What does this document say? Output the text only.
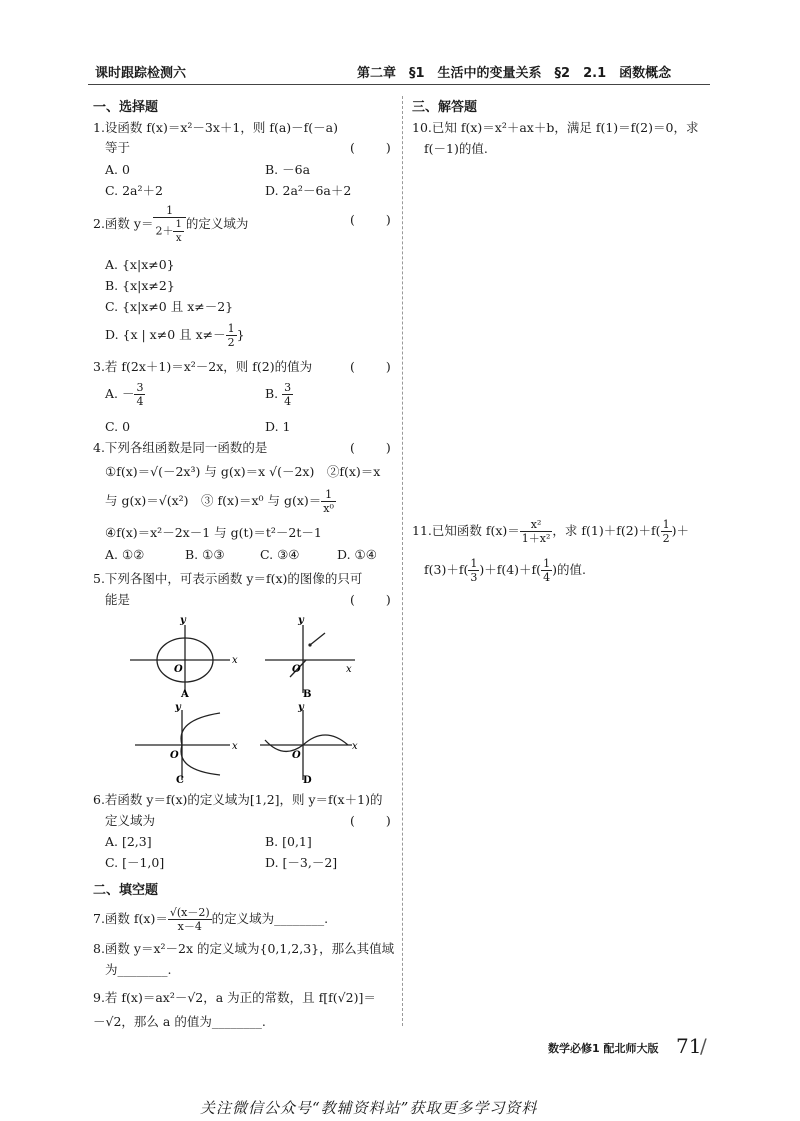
课时跟踪检测六	第二章　§1　生活中的变量关系　§2　2.1　函数概念
一、选择题
1.设函数 f(x)＝x²－3x＋1，则 f(a)－f(－a)
等于	(　　)
A. 0	B. －6a
C. 2a²＋2	D. 2a²－6a＋2
2.函数 $y= \frac{1}{2+ \frac{1}{x}}$ 的定义域为	(　　)
A. {x|x≠0}
B. {x|x≠2}
C. {x|x≠0 且 x≠－2}
D. {x | x≠0 且 $x\ne- \frac{1}{2}$ }
3.若 f(2x＋1)＝x²－2x，则 f(2)的值为	(　　)
A. － $\frac{3}{4}$	B. $\frac{3}{4}$
C. 0	D. 1
4.下列各组函数是同一函数的是	(　　)
①f(x)＝√(－2x³) 与 g(x)＝x √(－2x)　②f(x)＝x
与 g(x)＝√(x²)　③ f(x)＝x⁰ 与 $g(x)= \frac{1}{\text{x⁰}}$
④f(x)＝x²－2x－1 与 g(t)＝t²－2t－1
A. ①②	B. ①③	C. ③④	D. ①④
5.下列各图中，可表示函数 y＝f(x)的图像的只可
能是	(　　)
y
x
O
A
y
x
O
B
y
x
O
C
y
x
O
D
6.若函数 y＝f(x)的定义域为[1,2]，则 y＝f(x＋1)的
定义域为	(　　)
A. [2,3]	B. [0,1]
C. [－1,0]	D. [－3,－2]
二、填空题
7.函数 $f(x)= \frac{√(x-2)}{x-4}$ 的定义域为________.
8.函数 y＝x²－2x 的定义域为{0,1,2,3}，那么其值域
为________.
9.若 f(x)＝ax²－√2，a 为正的常数，且 f[f(√2)]＝
－√2，那么 a 的值为________.
三、解答题
10.已知 f(x)＝x²＋ax＋b，满足 f(1)＝f(2)＝0，求
f(－1)的值.
11.已知函数 $f(x)= \frac{\text{x²}}{\text{1＋x²}}$ ，求 $f(1)+f(2)+f( \frac{1}{2}$ )＋
$f(3)+f( \frac{1}{3} )+f(4)+f( \frac{1}{4}$ )的值.
数学必修1 配北师大版 71
/
关注微信公众号“教辅资料站”获取更多学习资料
